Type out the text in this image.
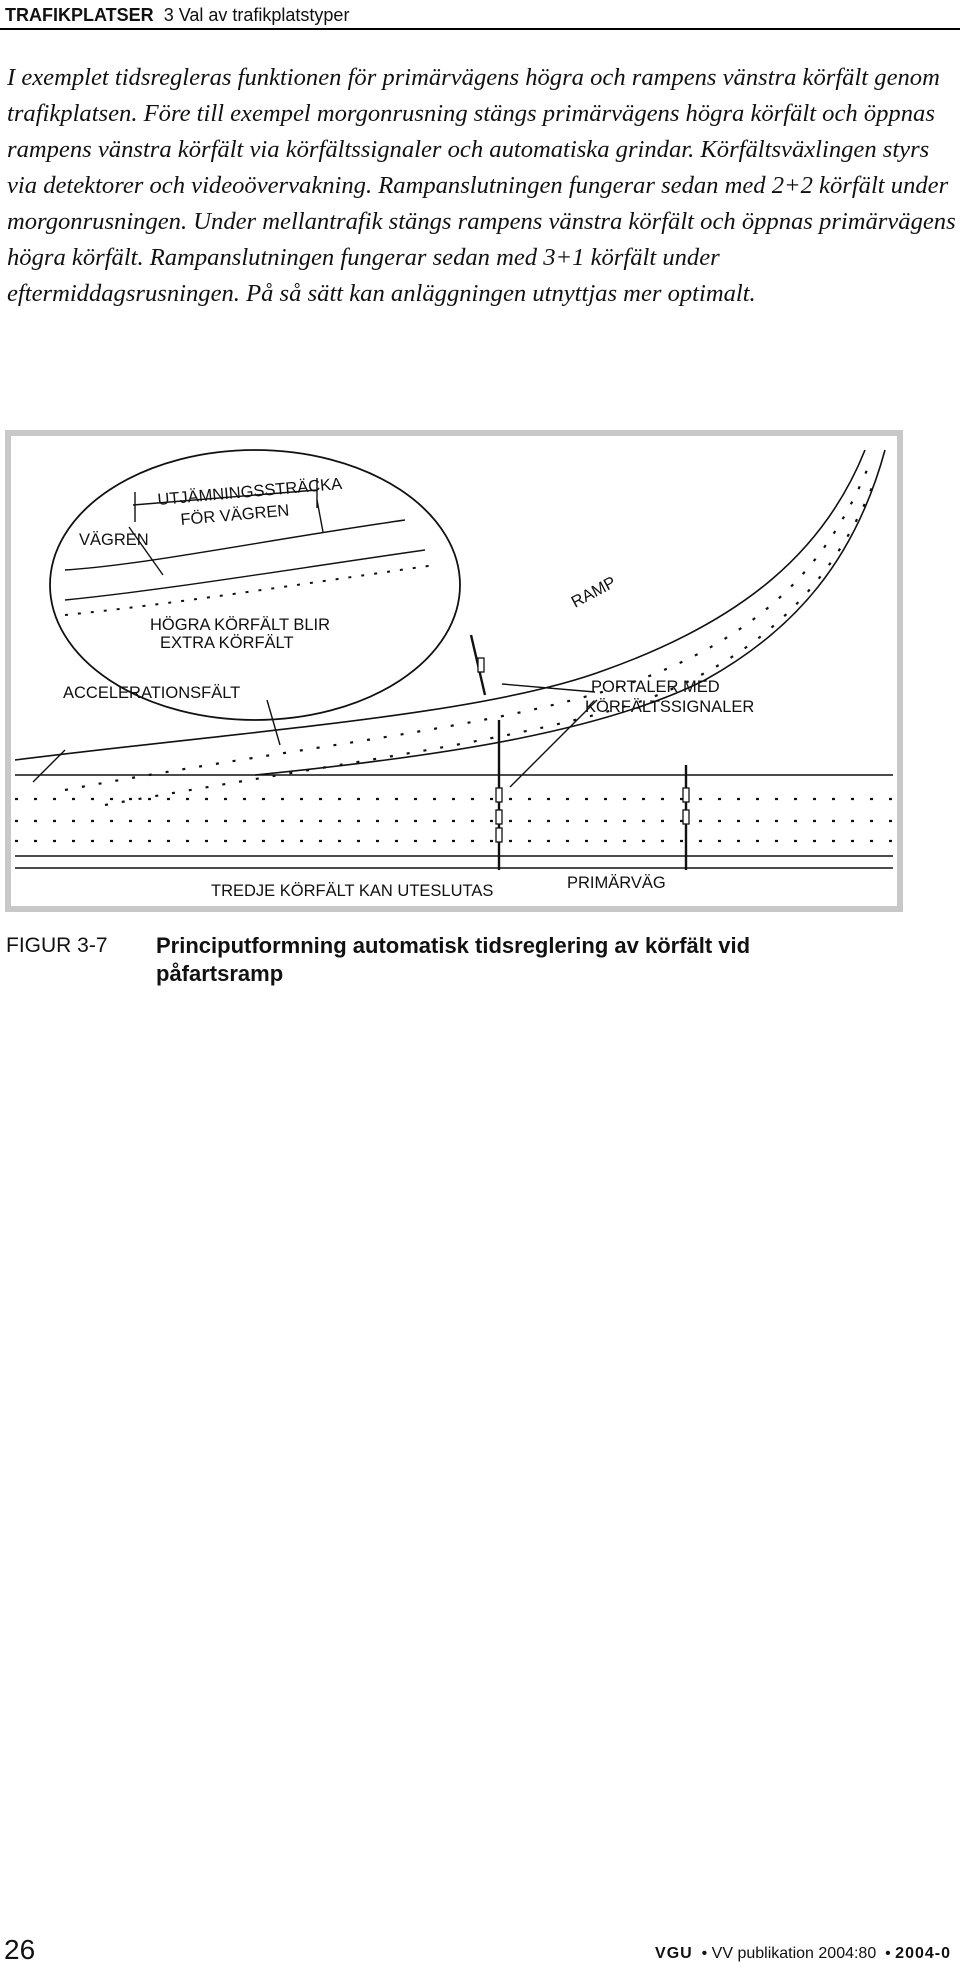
TRAFIKPLATSER 3 Val av trafikplatstyper
I exemplet tidsregleras funktionen för primärvägens högra och rampens vänstra körfält genom trafikplatsen. Före till exempel morgonrusning stängs primärvägens högra körfält och öppnas rampens vänstra körfält via körfältssignaler och automatiska grindar. Körfältsväxlingen styrs via detektorer och videoövervakning. Rampanslutningen fungerar sedan med 2+2 körfält under morgonrusningen. Under mellantrafik stängs rampens vänstra körfält och öppnas primärvägens högra körfält. Rampanslutningen fungerar sedan med 3+1 körfält under eftermiddagsrusningen. På så sätt kan anläggningen utnyttjas mer optimalt.
UTJÄMNINGSSTRÄCKA
FÖR VÄGREN
VÄGREN
HÖGRA KÖRFÄLT BLIR
EXTRA KÖRFÄLT
RAMP
ACCELERATIONSFÄLT	PORTALER MED
KÖRFÄLTSSIGNALER
TREDJE KÖRFÄLT KAN UTESLUTAS	PRIMÄRVÄG
FIGUR 3-7 Principutformning automatisk tidsreglering av körfält vid påfartsramp
26	VGU  • VV publikation 2004:80  • 2004-0
